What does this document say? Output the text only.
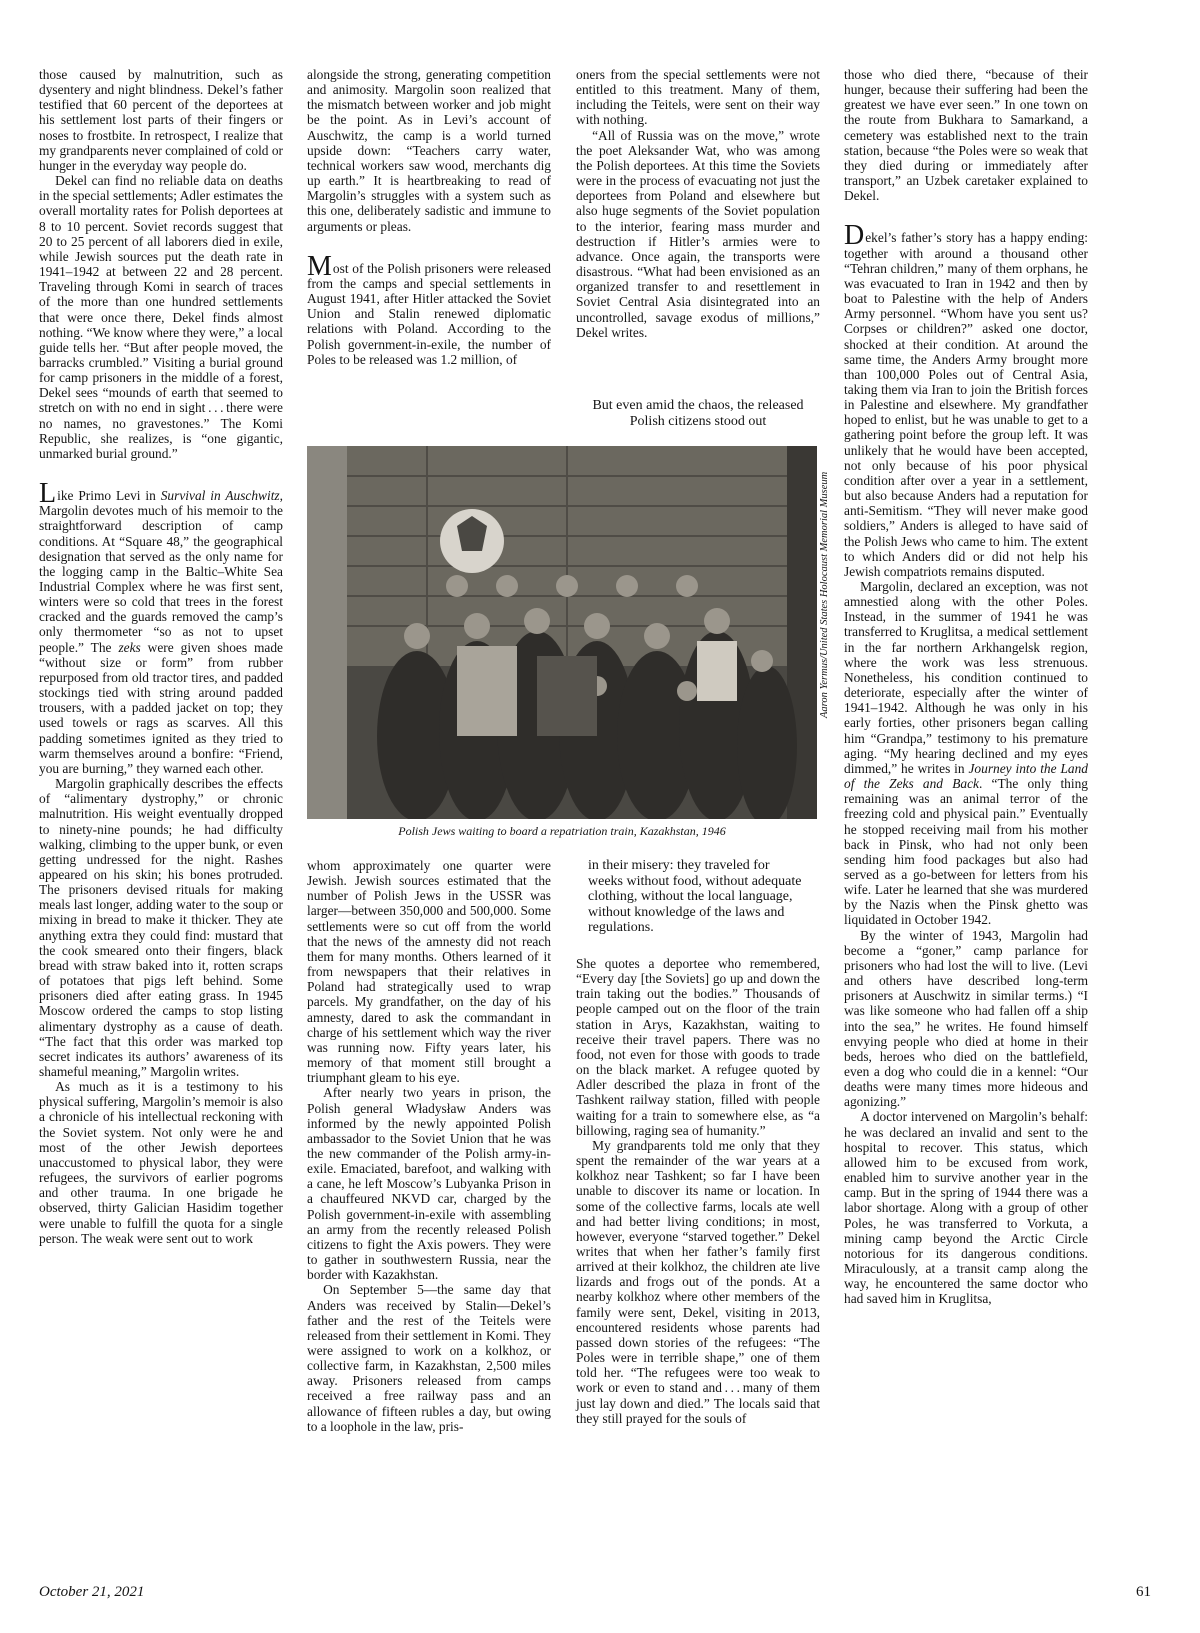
those caused by malnutrition, such as dysentery and night blindness. Dekel’s father testified that 60 percent of the deportees at his settlement lost parts of their fingers or noses to frostbite. In retrospect, I realize that my grandparents never complained of cold or hunger in the everyday way people do.

Dekel can find no reliable data on deaths in the special settlements; Adler estimates the overall mortality rates for Polish deportees at 8 to 10 percent. Soviet records suggest that 20 to 25 percent of all laborers died in exile, while Jewish sources put the death rate in 1941–1942 at between 22 and 28 percent. Traveling through Komi in search of traces of the more than one hundred settlements that were once there, Dekel finds almost nothing. “We know where they were,” a local guide tells her. “But after people moved, the barracks crumbled.” Visiting a burial ground for camp prisoners in the middle of a forest, Dekel sees “mounds of earth that seemed to stretch on with no end in sight . . . there were no names, no gravestones.” The Komi Republic, she realizes, is “one gigantic, unmarked burial ground.”

Like Primo Levi in Survival in Auschwitz, Margolin devotes much of his memoir to the straightforward description of camp conditions. At “Square 48,” the geographical designation that served as the only name for the logging camp in the Baltic–White Sea Industrial Complex where he was first sent, winters were so cold that trees in the forest cracked and the guards removed the camp’s only thermometer “so as not to upset people.” The zeks were given shoes made “without size or form” from rubber repurposed from old tractor tires, and padded stockings tied with string around padded trousers, with a padded jacket on top; they used towels or rags as scarves. All this padding sometimes ignited as they tried to warm themselves around a bonfire: “Friend, you are burning,” they warned each other.

Margolin graphically describes the effects of “alimentary dystrophy,” or chronic malnutrition. His weight eventually dropped to ninety-nine pounds; he had difficulty walking, climbing to the upper bunk, or even getting undressed for the night. Rashes appeared on his skin; his bones protruded. The prisoners devised rituals for making meals last longer, adding water to the soup or mixing in bread to make it thicker. They ate anything extra they could find: mustard that the cook smeared onto their fingers, black bread with straw baked into it, rotten scraps of potatoes that pigs left behind. Some prisoners died after eating grass. In 1945 Moscow ordered the camps to stop listing alimentary dystrophy as a cause of death. “The fact that this order was marked top secret indicates its authors’ awareness of its shameful meaning,” Margolin writes.

As much as it is a testimony to his physical suffering, Margolin’s memoir is also a chronicle of his intellectual reckoning with the Soviet system. Not only were he and most of the other Jewish deportees unaccustomed to physical labor, they were refugees, the survivors of earlier pogroms and other trauma. In one brigade he observed, thirty Galician Hasidim together were unable to fulfill the quota for a single person. The weak were sent out to work

alongside the strong, generating competition and animosity. Margolin soon realized that the mismatch between worker and job might be the point. As in Levi’s account of Auschwitz, the camp is a world turned upside down: “Teachers carry water, technical workers saw wood, merchants dig up earth.” It is heartbreaking to read of Margolin’s struggles with a system such as this one, deliberately sadistic and immune to arguments or pleas.

Most of the Polish prisoners were released from the camps and special settlements in August 1941, after Hitler attacked the Soviet Union and Stalin renewed diplomatic relations with Poland. According to the Polish government-in-exile, the number of Poles to be released was 1.2 million, of

oners from the special settlements were not entitled to this treatment. Many of them, including the Teitels, were sent on their way with nothing.

“All of Russia was on the move,” wrote the poet Aleksander Wat, who was among the Polish deportees. At this time the Soviets were in the process of evacuating not just the deportees from Poland and elsewhere but also huge segments of the Soviet population to the interior, fearing mass murder and destruction if Hitler’s armies were to advance. Once again, the transports were disastrous. “What had been envisioned as an organized transfer to and resettlement in Soviet Central Asia disintegrated into an uncontrolled, savage exodus of millions,” Dekel writes.

But even amid the chaos, the released Polish citizens stood out

Aaron Yermus/United States Holocaust Memorial Museum
Polish Jews waiting to board a repatriation train, Kazakhstan, 1946

whom approximately one quarter were Jewish. Jewish sources estimated that the number of Polish Jews in the USSR was larger—between 350,000 and 500,000. Some settlements were so cut off from the world that the news of the amnesty did not reach them for many months. Others learned of it from newspapers that their relatives in Poland had strategically used to wrap parcels. My grandfather, on the day of his amnesty, dared to ask the commandant in charge of his settlement which way the river was running now. Fifty years later, his memory of that moment still brought a triumphant gleam to his eye.

After nearly two years in prison, the Polish general Władysław Anders was informed by the newly appointed Polish ambassador to the Soviet Union that he was the new commander of the Polish army-in-exile. Emaciated, barefoot, and walking with a cane, he left Moscow’s Lubyanka Prison in a chauffeured NKVD car, charged by the Polish government-in-exile with assembling an army from the recently released Polish citizens to fight the Axis powers. They were to gather in southwestern Russia, near the border with Kazakhstan.

On September 5—the same day that Anders was received by Stalin—Dekel’s father and the rest of the Teitels were released from their settlement in Komi. They were assigned to work on a kolkhoz, or collective farm, in Kazakhstan, 2,500 miles away. Prisoners released from camps received a free railway pass and an allowance of fifteen rubles a day, but owing to a loophole in the law, pris-

in their misery: they traveled for weeks without food, without adequate clothing, without the local language, without knowledge of the laws and regulations.

She quotes a deportee who remembered, “Every day [the Soviets] go up and down the train taking out the bodies.” Thousands of people camped out on the floor of the train station in Arys, Kazakhstan, waiting to receive their travel papers. There was no food, not even for those with goods to trade on the black market. A refugee quoted by Adler described the plaza in front of the Tashkent railway station, filled with people waiting for a train to somewhere else, as “a billowing, raging sea of humanity.”

My grandparents told me only that they spent the remainder of the war years at a kolkhoz near Tashkent; so far I have been unable to discover its name or location. In some of the collective farms, locals ate well and had better living conditions; in most, however, everyone “starved together.” Dekel writes that when her father’s family first arrived at their kolkhoz, the children ate live lizards and frogs out of the ponds. At a nearby kolkhoz where other members of the family were sent, Dekel, visiting in 2013, encountered residents whose parents had passed down stories of the refugees: “The Poles were in terrible shape,” one of them told her. “The refugees were too weak to work or even to stand and . . . many of them just lay down and died.” The locals said that they still prayed for the souls of

those who died there, “because of their hunger, because their suffering had been the greatest we have ever seen.” In one town on the route from Bukhara to Samarkand, a cemetery was established next to the train station, because “the Poles were so weak that they died during or immediately after transport,” an Uzbek caretaker explained to Dekel.

Dekel’s father’s story has a happy ending: together with around a thousand other “Tehran children,” many of them orphans, he was evacuated to Iran in 1942 and then by boat to Palestine with the help of Anders Army personnel. “Whom have you sent us? Corpses or children?” asked one doctor, shocked at their condition. At around the same time, the Anders Army brought more than 100,000 Poles out of Central Asia, taking them via Iran to join the British forces in Palestine and elsewhere. My grandfather hoped to enlist, but he was unable to get to a gathering point before the group left. It was unlikely that he would have been accepted, not only because of his poor physical condition after over a year in a settlement, but also because Anders had a reputation for anti-Semitism. “They will never make good soldiers,” Anders is alleged to have said of the Polish Jews who came to him. The extent to which Anders did or did not help his Jewish compatriots remains disputed.

Margolin, declared an exception, was not amnestied along with the other Poles. Instead, in the summer of 1941 he was transferred to Kruglitsa, a medical settlement in the far northern Arkhangelsk region, where the work was less strenuous. Nonetheless, his condition continued to deteriorate, especially after the winter of 1941–1942. Although he was only in his early forties, other prisoners began calling him “Grandpa,” testimony to his premature aging. “My hearing declined and my eyes dimmed,” he writes in Journey into the Land of the Zeks and Back. “The only thing remaining was an animal terror of the freezing cold and physical pain.” Eventually he stopped receiving mail from his mother back in Pinsk, who had not only been sending him food packages but also had served as a go-between for letters from his wife. Later he learned that she was murdered by the Nazis when the Pinsk ghetto was liquidated in October 1942.

By the winter of 1943, Margolin had become a “goner,” camp parlance for prisoners who had lost the will to live. (Levi and others have described long-term prisoners at Auschwitz in similar terms.) “I was like someone who had fallen off a ship into the sea,” he writes. He found himself envying people who died at home in their beds, heroes who died on the battlefield, even a dog who could die in a kennel: “Our deaths were many times more hideous and agonizing.”

A doctor intervened on Margolin’s behalf: he was declared an invalid and sent to the hospital to recover. This status, which allowed him to be excused from work, enabled him to survive another year in the camp. But in the spring of 1944 there was a labor shortage. Along with a group of other Poles, he was transferred to Vorkuta, a mining camp beyond the Arctic Circle notorious for its dangerous conditions. Miraculously, at a transit camp along the way, he encountered the same doctor who had saved him in Kruglitsa,

October 21, 2021	61
